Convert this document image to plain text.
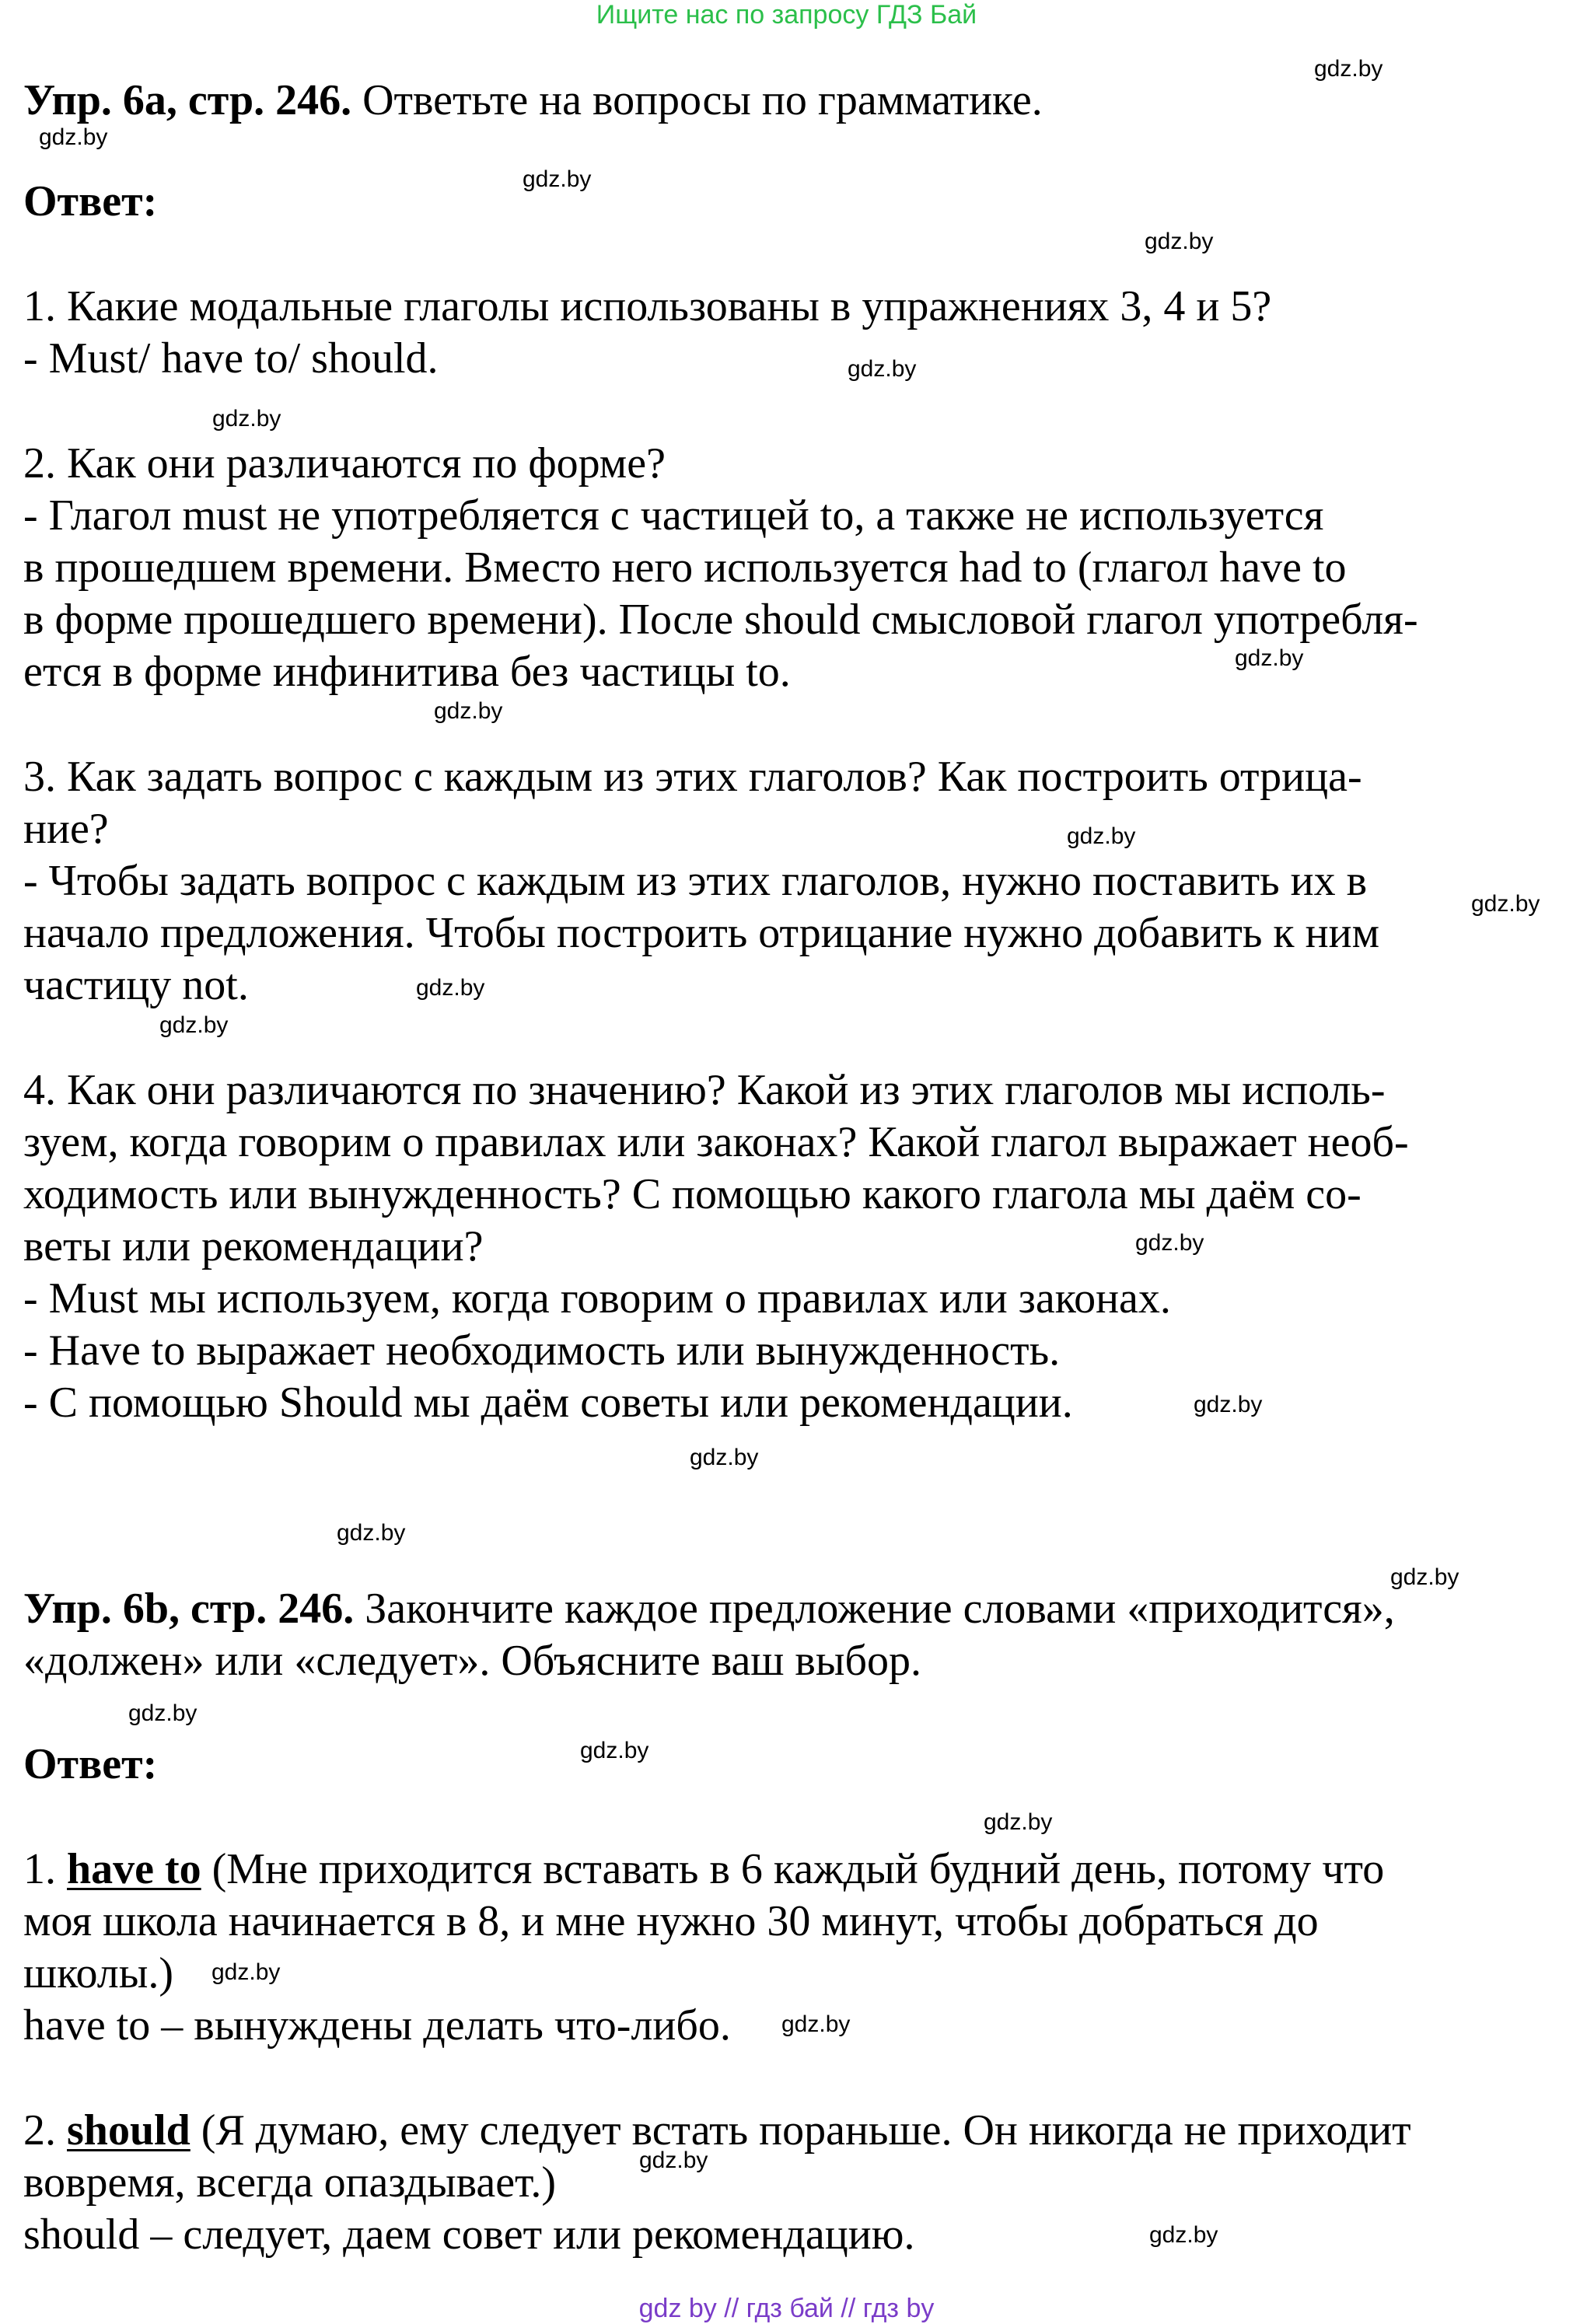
Ищите нас по запросу ГДЗ Бай
Упр. 6а, стр. 246. Ответьте на вопросы по грамматике.
Ответ:
1. Какие модальные глаголы использованы в упражнениях 3, 4 и 5?
- Must/ have to/ should.
2. Как они различаются по форме?
- Глагол must не употребляется с частицей to, а также не используется
в прошедшем времени. Вместо него используется had to (глагол have to
в форме прошедшего времени). После should смысловой глагол употребля-
ется в форме инфинитива без частицы to.
3. Как задать вопрос с каждым из этих глаголов? Как построить отрица-
ние?
- Чтобы задать вопрос с каждым из этих глаголов, нужно поставить их в
начало предложения. Чтобы построить отрицание нужно добавить к ним
частицу not.
4. Как они различаются по значению? Какой из этих глаголов мы исполь-
зуем, когда говорим о правилах или законах? Какой глагол выражает необ-
ходимость или вынужденность? С помощью какого глагола мы даём со-
веты или рекомендации?
- Must мы используем, когда говорим о правилах или законах.
- Have to выражает необходимость или вынужденность.
- С помощью Should мы даём советы или рекомендации.
Упр. 6b, стр. 246. Закончите каждое предложение словами «приходится»,
«должен» или «следует». Объясните ваш выбор.
Ответ:
1. have to (Мне приходится вставать в 6 каждый будний день, потому что
моя школа начинается в 8, и мне нужно 30 минут, чтобы добраться до
школы.)
have to – вынуждены делать что-либо.
2. should (Я думаю, ему следует встать пораньше. Он никогда не приходит
вовремя, всегда опаздывает.)
should – следует, даем совет или рекомендацию.
gdz.by
gdz.by
gdz.by
gdz.by
gdz.by
gdz.by
gdz.by
gdz.by
gdz.by
gdz.by
gdz.by
gdz.by
gdz.by
gdz.by
gdz.by
gdz.by
gdz.by
gdz.by
gdz.by
gdz.by
gdz.by
gdz.by
gdz.by
gdz.by
gdz by // гдз бай // гдз by
